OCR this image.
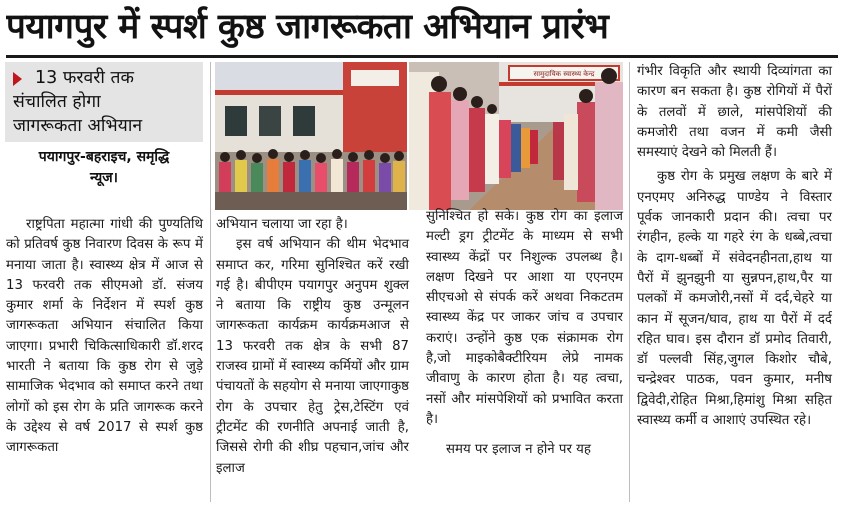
पयागपुर में स्पर्श कुष्ठ जागरूकता अभियान प्रारंभ
13 फरवरी तक
संचालित होगा
जागरूकता अभियान
पयागपुर-बहराइच, समृद्धि
न्यूज।
सामुदायिक स्वास्थ्य केन्द्र

राष्ट्रपिता महात्मा गांधी की पुण्यतिथि को प्रतिवर्ष कुष्ठ निवारण दिवस के रूप में मनाया जाता है। स्वास्थ्य क्षेत्र में आज से 13 फरवरी तक सीएमओ डॉ. संजय कुमार शर्मा के निर्देशन में स्पर्श कुष्ठ जागरूकता अभियान संचालित किया जाएगा। प्रभारी चिकित्साधिकारी डॉ.शरद भारती ने बताया कि कुष्ठ रोग से जुड़े सामाजिक भेदभाव को समाप्त करने तथा लोगों को इस रोग के प्रति जागरूक करने के उद्देश्य से वर्ष 2017 से स्पर्श कुष्ठ जागरूकता

अभियान चलाया जा रहा है।

इस वर्ष अभियान की थीम भेदभाव समाप्त कर, गरिमा सुनिश्चित करें रखी गई है। बीपीएम पयागपुर अनुपम शुक्ल ने बताया कि राष्ट्रीय कुष्ठ उन्मूलन जागरूकता कार्यक्रम कार्यक्रमआज से 13 फरवरी तक क्षेत्र के सभी 87 राजस्व ग्रामों में स्वास्थ्य कर्मियों और ग्राम पंचायतों के सहयोग से मनाया जाएगाकुष्ठ रोग के उपचार हेतु ट्रेस,टेस्टिंग एवं ट्रीटमेंट की रणनीति अपनाई जाती है, जिससे रोगी की शीघ्र पहचान,जांच और इलाज

सुनिश्चित हो सके। कुष्ठ रोग का इलाज मल्टी ड्रग ट्रीटमेंट के माध्यम से सभी स्वास्थ्य केंद्रों पर निशुल्क उपलब्ध है। लक्षण दिखने पर आशा या एएनएम सीएचओ से संपर्क करें अथवा निकटतम स्वास्थ्य केंद्र पर जाकर जांच व उपचार कराएं। उन्होंने कुष्ठ एक संक्रामक रोग है,जो माइकोबैक्टीरियम लेप्रे नामक जीवाणु के कारण होता है। यह त्वचा, नसों और मांसपेशियों को प्रभावित करता है।

समय पर इलाज न होने पर यह

गंभीर विकृति और स्थायी दिव्यांगता का कारण बन सकता है। कुष्ठ रोगियों में पैरों के तलवों में छाले, मांसपेशियों की कमजोरी तथा वजन में कमी जैसी समस्याएं देखने को मिलती हैं।

कुष्ठ रोग के प्रमुख लक्षण के बारे में एनएमए अनिरुद्ध पाण्डेय ने विस्तार पूर्वक जानकारी प्रदान की। त्वचा पर रंगहीन, हल्के या गहरे रंग के धब्बे,त्वचा के दाग-धब्बों में संवेदनहीनता,हाथ या पैरों में झुनझुनी या सुन्नपन,हाथ,पैर या पलकों में कमजोरी,नसों में दर्द,चेहरे या कान में सूजन/घाव, हाथ या पैरों में दर्द रहित घाव। इस दौरान डॉ प्रमोद तिवारी, डॉ पल्लवी सिंह,जुगल किशोर चौबे, चन्द्रेश्वर पाठक, पवन कुमार, मनीष द्विवेदी,रोहित मिश्रा,हिमांशु मिश्रा सहित स्वास्थ्य कर्मी व आशाएं उपस्थित रहे।
